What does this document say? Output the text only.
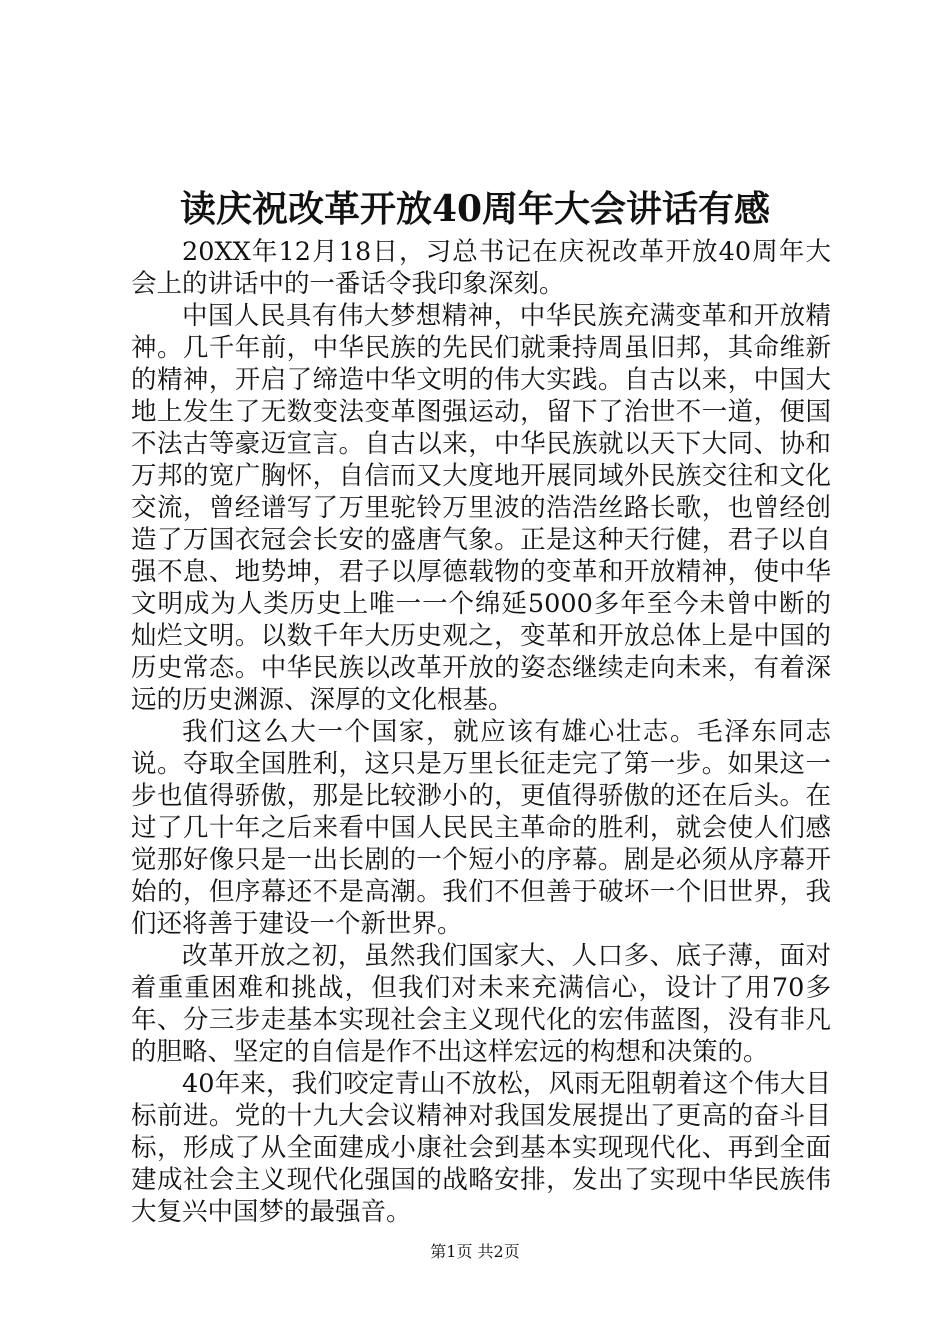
读庆祝改革开放40周年大会讲话有感

20XX年12月18日，习总书记在庆祝改革开放40周年大会上的讲话中的一番话令我印象深刻。

中国人民具有伟大梦想精神，中华民族充满变革和开放精神。几千年前，中华民族的先民们就秉持周虽旧邦，其命维新的精神，开启了缔造中华文明的伟大实践。自古以来，中国大地上发生了无数变法变革图强运动，留下了治世不一道，便国不法古等豪迈宣言。自古以来，中华民族就以天下大同、协和万邦的宽广胸怀，自信而又大度地开展同域外民族交往和文化交流，曾经谱写了万里驼铃万里波的浩浩丝路长歌，也曾经创造了万国衣冠会长安的盛唐气象。正是这种天行健，君子以自强不息、地势坤，君子以厚德载物的变革和开放精神，使中华文明成为人类历史上唯一一个绵延5000多年至今未曾中断的灿烂文明。以数千年大历史观之，变革和开放总体上是中国的历史常态。中华民族以改革开放的姿态继续走向未来，有着深远的历史渊源、深厚的文化根基。

我们这么大一个国家，就应该有雄心壮志。毛泽东同志说。夺取全国胜利，这只是万里长征走完了第一步。如果这一步也值得骄傲，那是比较渺小的，更值得骄傲的还在后头。在过了几十年之后来看中国人民民主革命的胜利，就会使人们感觉那好像只是一出长剧的一个短小的序幕。剧是必须从序幕开始的，但序幕还不是高潮。我们不但善于破坏一个旧世界，我们还将善于建设一个新世界。

改革开放之初，虽然我们国家大、人口多、底子薄，面对着重重困难和挑战，但我们对未来充满信心，设计了用70多年、分三步走基本实现社会主义现代化的宏伟蓝图，没有非凡的胆略、坚定的自信是作不出这样宏远的构想和决策的。

40年来，我们咬定青山不放松，风雨无阻朝着这个伟大目标前进。党的十九大会议精神对我国发展提出了更高的奋斗目标，形成了从全面建成小康社会到基本实现现代化、再到全面建成社会主义现代化强国的战略安排，发出了实现中华民族伟大复兴中国梦的最强音。

第1页 共2页
